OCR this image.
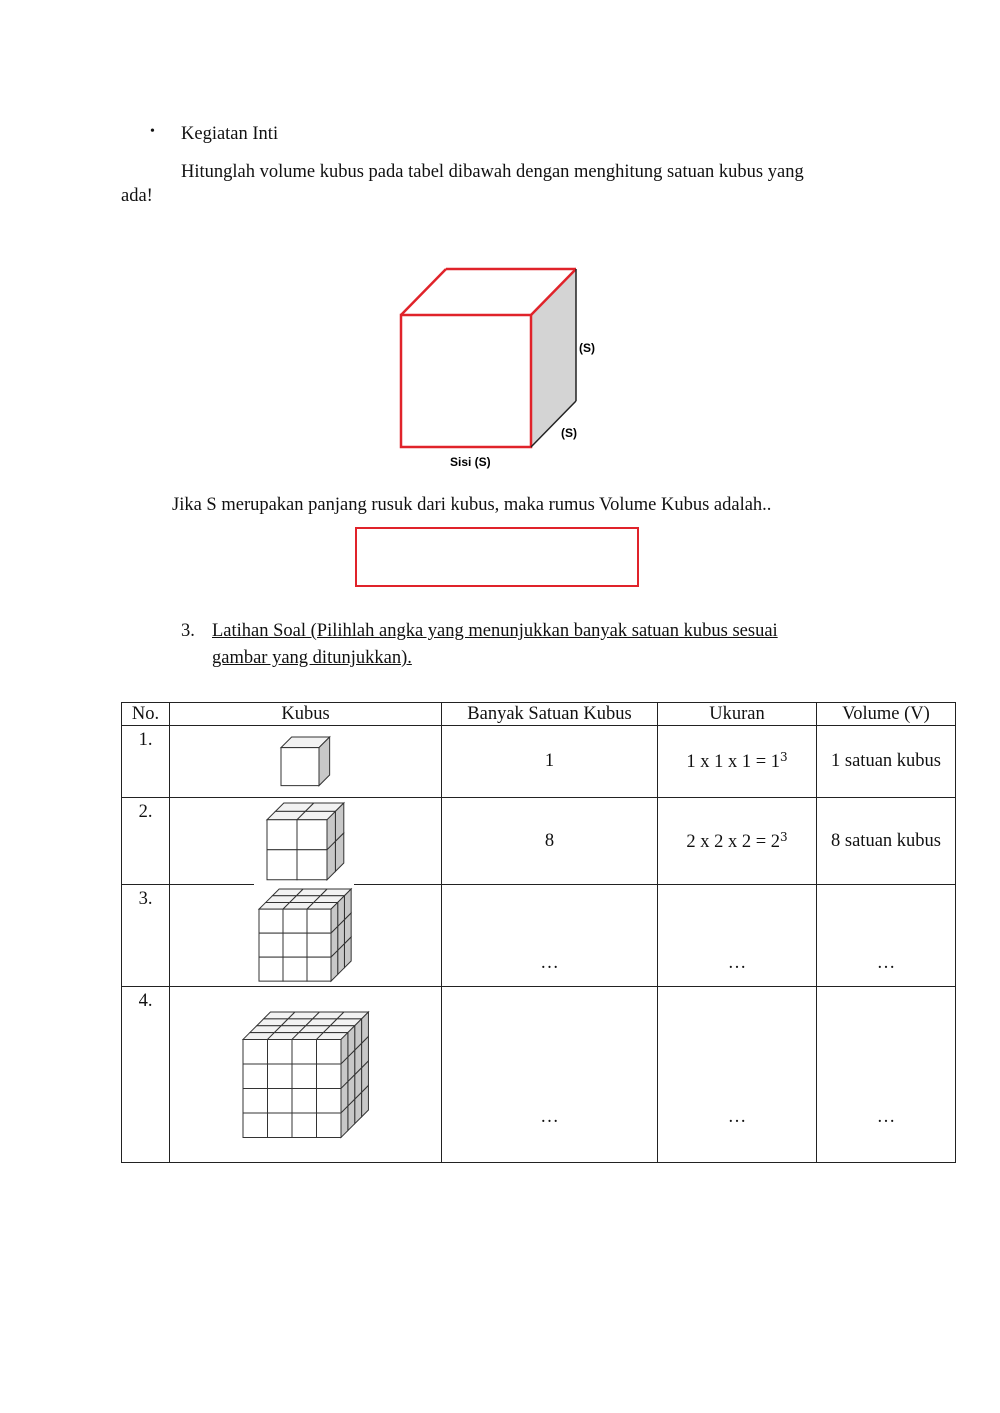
• Kegiatan Inti
Hitunglah volume kubus pada tabel dibawah dengan menghitung satuan kubus yang
ada!
(S)
(S)
Sisi (S)
Jika S merupakan panjang rusuk dari kubus, maka rumus Volume Kubus adalah..
3. Latihan Soal (Pilihlah angka yang menunjukkan banyak satuan kubus sesuai
gambar yang ditunjukkan).
No.	Kubus	Banyak Satuan Kubus	Ukuran	Volume (V)
1.		1	1 x 1 x $1 = 1^3$	1 satuan kubus
2.		8	2 x 2 x $2 = 2^3$	8 satuan kubus
3.		…	…	…
4.		…	…	…
